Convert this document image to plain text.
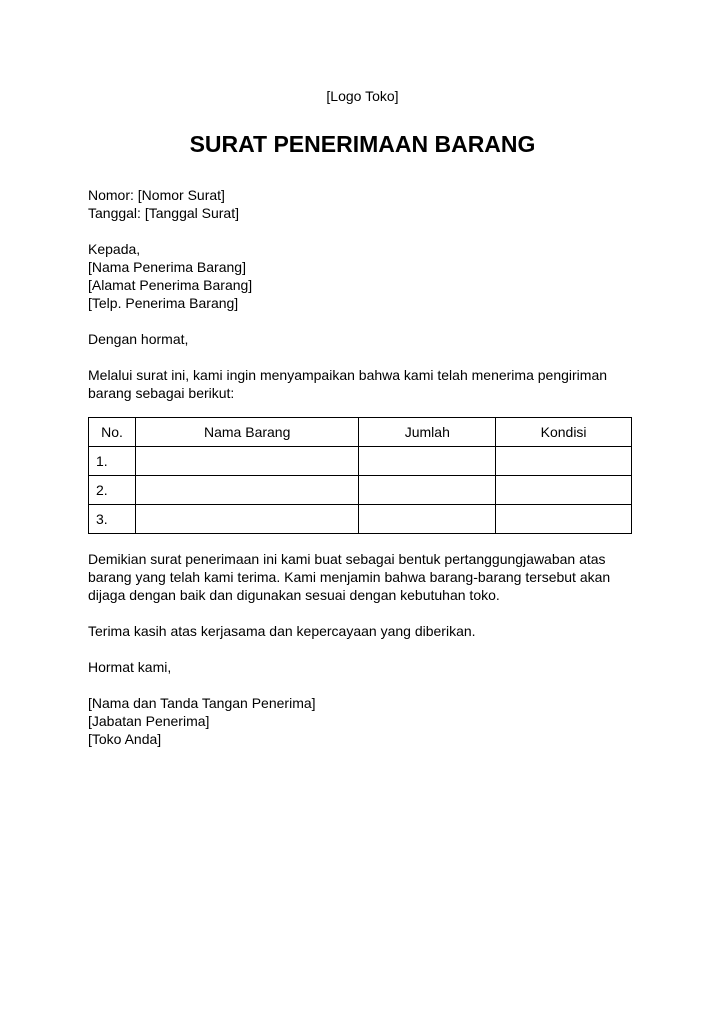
[Logo Toko]
SURAT PENERIMAAN BARANG
Nomor: [Nomor Surat]
Tanggal: [Tanggal Surat]
Kepada,
[Nama Penerima Barang]
[Alamat Penerima Barang]
[Telp. Penerima Barang]
Dengan hormat,

Melalui surat ini, kami ingin menyampaikan bahwa kami telah menerima pengiriman barang sebagai berikut:

No.	Nama Barang	Jumlah	Kondisi
1.			
2.			
3.			

Demikian surat penerimaan ini kami buat sebagai bentuk pertanggungjawaban atas barang yang telah kami terima. Kami menjamin bahwa barang-barang tersebut akan dijaga dengan baik dan digunakan sesuai dengan kebutuhan toko.

Terima kasih atas kerjasama dan kepercayaan yang diberikan.
Hormat kami,
[Nama dan Tanda Tangan Penerima]
[Jabatan Penerima]
[Toko Anda]
